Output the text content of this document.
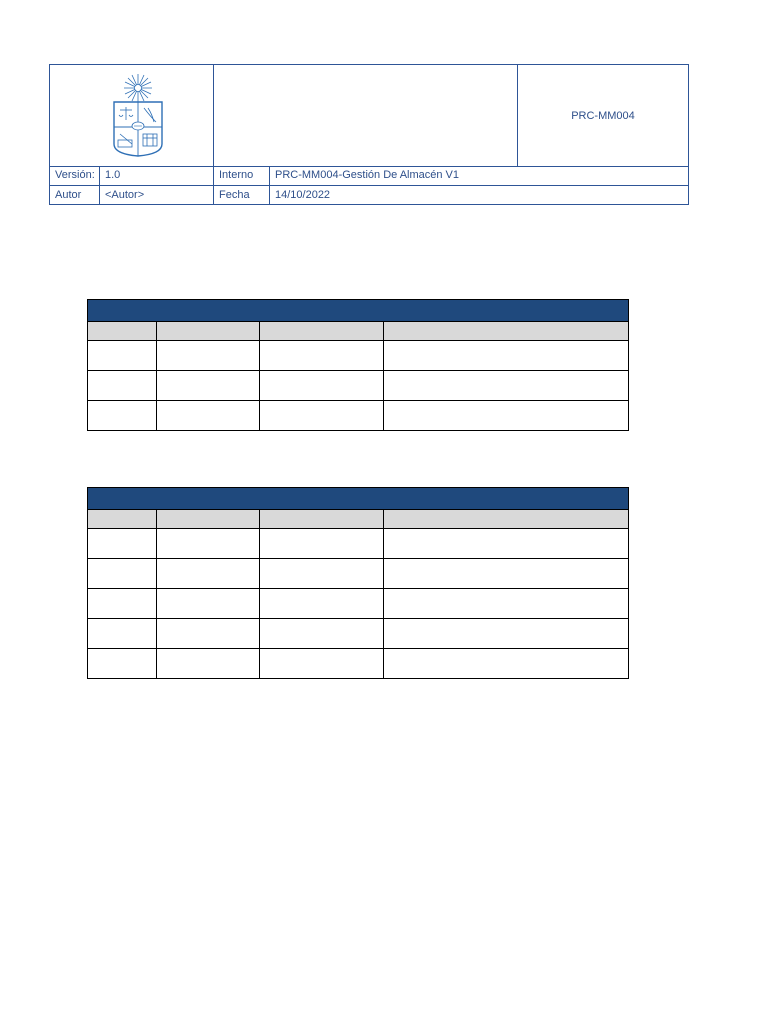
PRC-MM004
Versión: 1.0	Interno	PRC-MM004-Gestión De Almacén V1
Autor	<Autor>	Fecha	14/10/2022
